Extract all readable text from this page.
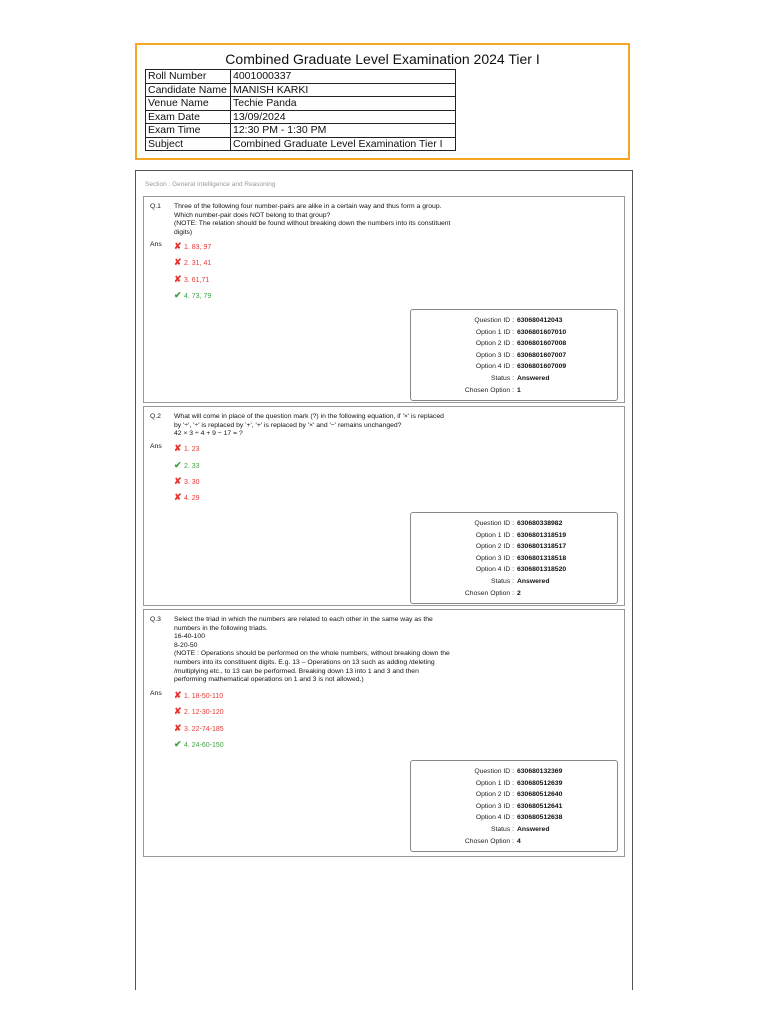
Combined Graduate Level Examination 2024 Tier I
Roll Number	4001000337
Candidate Name	MANISH KARKI
Venue Name	Techie Panda
Exam Date	13/09/2024
Exam Time	12:30 PM - 1:30 PM
Subject	Combined Graduate Level Examination Tier I
Section : General Intelligence and Reasoning
Q.1 Three of the following four number-pairs are alike in a certain way and thus form a group.
Which number-pair does NOT belong to that group?
(NOTE: The relation should be found without breaking down the numbers into its constituent
digits)
Ans ✘ 1. 83, 97
✘ 2. 31, 41
✘ 3. 61,71
✔ 4. 73, 79
Question ID : 630680412043
Option 1 ID : 6306801607010
Option 2 ID : 6306801607008
Option 3 ID : 6306801607007
Option 4 ID : 6306801607009
Status : Answered
Chosen Option : 1
Q.2 What will come in place of the question mark (?) in the following equation, if '×' is replaced
by '÷', '÷' is replaced by '+', '+' is replaced by '×' and '−' remains unchanged?
42 × 3 ÷ 4 + 9 − 17 = ?
Ans ✘ 1. 23
✔ 2. 33
✘ 3. 30
✘ 4. 29
Question ID : 630680338982
Option 1 ID : 6306801318519
Option 2 ID : 6306801318517
Option 3 ID : 6306801318518
Option 4 ID : 6306801318520
Status : Answered
Chosen Option : 2
Q.3 Select the triad in which the numbers are related to each other in the same way as the
numbers in the following triads.
16-40-100
8-20-50
(NOTE : Operations should be performed on the whole numbers, without breaking down the
numbers into its constituent digits. E.g. 13 – Operations on 13 such as adding /deleting
/multiplying etc., to 13 can be performed. Breaking down 13 into 1 and 3 and then
performing mathematical operations on 1 and 3 is not allowed.)
Ans ✘ 1. 18-50-110
✘ 2. 12-30-120
✘ 3. 22-74-185
✔ 4. 24-60-150
Question ID : 630680132369
Option 1 ID : 630680512639
Option 2 ID : 630680512640
Option 3 ID : 630680512641
Option 4 ID : 630680512638
Status : Answered
Chosen Option : 4
